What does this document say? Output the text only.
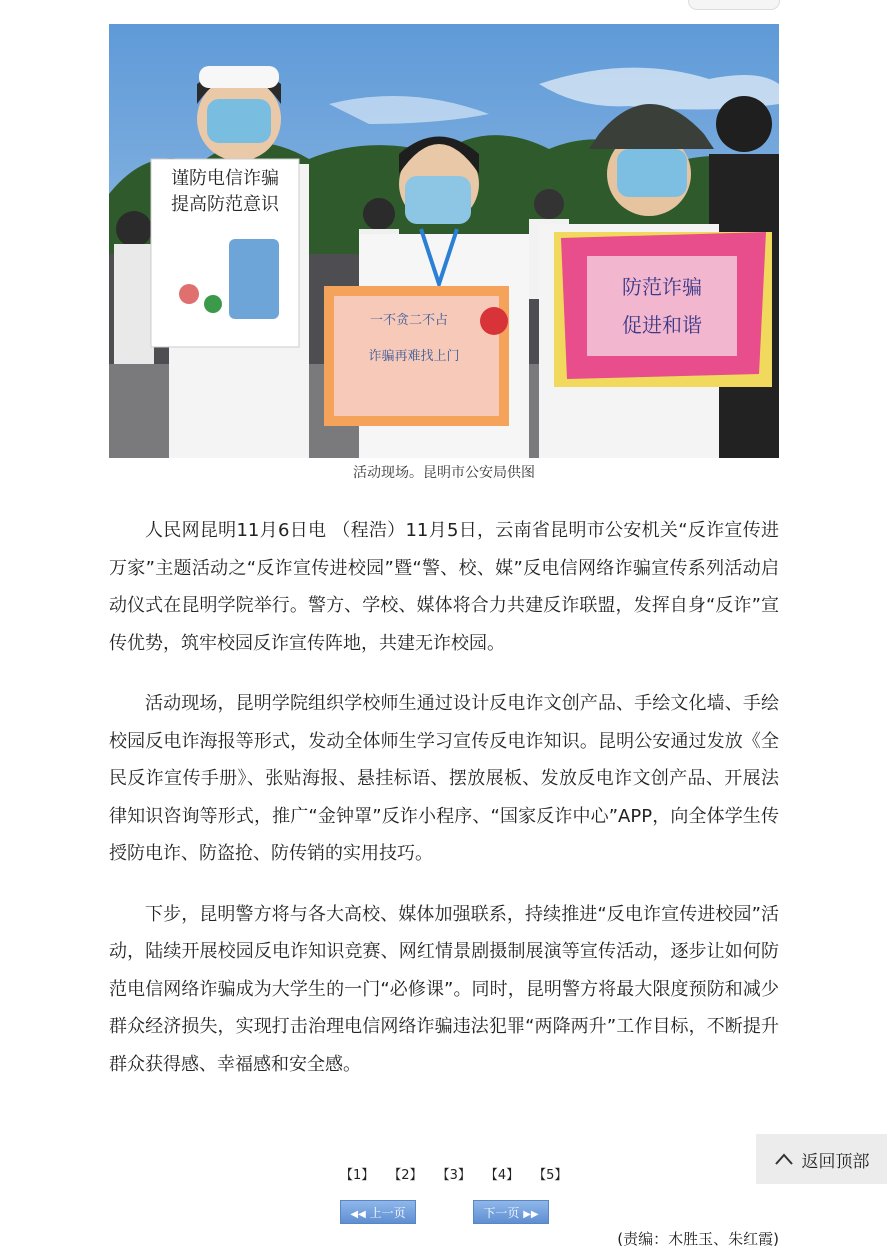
谨防电信诈骗
提高防范意识
一不贪二不占
诈骗再难找上门
防范诈骗
促进和谐
活动现场。昆明市公安局供图

人民网昆明11月6日电 （程浩）11月5日，云南省昆明市公安机关“反诈宣传进万家”主题活动之“反诈宣传进校园”暨“警、校、媒”反电信网络诈骗宣传系列活动启动仪式在昆明学院举行。警方、学校、媒体将合力共建反诈联盟，发挥自身“反诈”宣传优势，筑牢校园反诈宣传阵地，共建无诈校园。

活动现场，昆明学院组织学校师生通过设计反电诈文创产品、手绘文化墙、手绘校园反电诈海报等形式，发动全体师生学习宣传反电诈知识。昆明公安通过发放《全民反诈宣传手册》、张贴海报、悬挂标语、摆放展板、发放反电诈文创产品、开展法律知识咨询等形式，推广“金钟罩”反诈小程序、“国家反诈中心”APP，向全体学生传授防电诈、防盗抢、防传销的实用技巧。

下步，昆明警方将与各大高校、媒体加强联系，持续推进“反电诈宣传进校园”活动，陆续开展校园反电诈知识竞赛、网红情景剧摄制展演等宣传活动，逐步让如何防范电信网络诈骗成为大学生的一门“必修课”。同时，昆明警方将最大限度预防和减少群众经济损失，实现打击治理电信网络诈骗违法犯罪“两降两升”工作目标，不断提升群众获得感、幸福感和安全感。

【1】 【2】 【3】 【4】 【5】
◀◀ 上一页	下一页 ▶▶
(责编：木胜玉、朱红霞)
返回顶部
